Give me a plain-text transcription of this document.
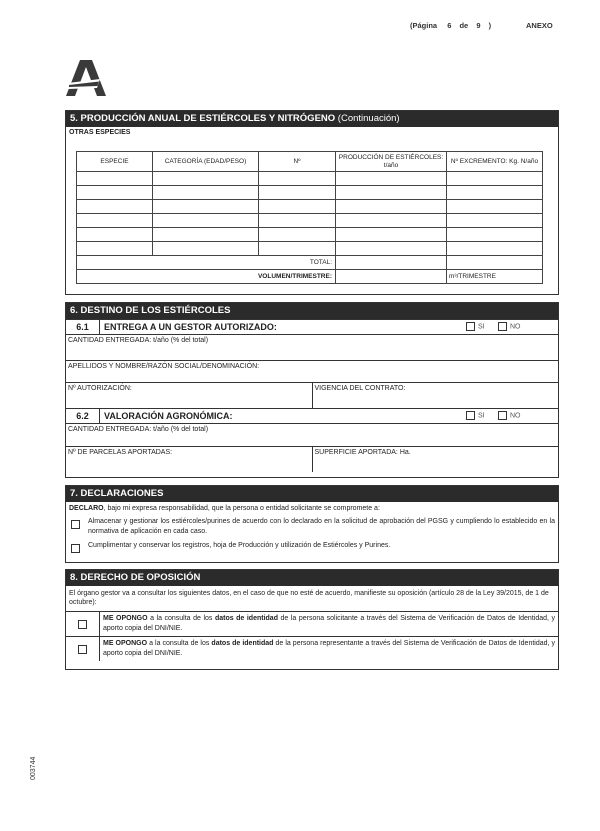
(Página 6 de 9 )	ANEXO
5. PRODUCCIÓN ANUAL DE ESTIÉRCOLES Y NITRÓGENO (Continuación)
OTRAS ESPECIES
ESPECIE	CATEGORÍA (EDAD/PESO)	Nº	PRODUCCIÓN DE ESTIÉRCOLES: t/año	Nº EXCREMENTO: Kg. N/año

TOTAL:				
VOLUMEN/TRIMESTRE:				m³/TRIMESTRE
6. DESTINO DE LOS ESTIÉRCOLES
6.1	ENTREGA A UN GESTOR AUTORIZADO:	SI	NO
CANTIDAD ENTREGADA: t/año (% del total)
APELLIDOS Y NOMBRE/RAZÓN SOCIAL/DENOMINACIÓN:
Nº AUTORIZACIÓN:	VIGENCIA DEL CONTRATO:
6.2	VALORACIÓN AGRONÓMICA:	SI	NO
CANTIDAD ENTREGADA: t/año (% del total)
Nº DE PARCELAS APORTADAS:	SUPERFICIE APORTADA: Ha.
7. DECLARACIONES
DECLARO, bajo mi expresa responsabilidad, que la persona o entidad solicitante se compromete a:
Almacenar y gestionar los estiércoles/purines de acuerdo con lo declarado en la solicitud de aprobación del PGSG y cumpliendo lo establecido en la normativa de aplicación en cada caso.
Cumplimentar y conservar los registros, hoja de Producción y utilización de Estiércoles y Purines.
8. DERECHO DE OPOSICIÓN
El órgano gestor va a consultar los siguientes datos, en el caso de que no esté de acuerdo, manifieste su oposición (artículo 28 de la Ley 39/2015, de 1 de octubre):
ME OPONGO a la consulta de los datos de identidad de la persona solicitante a través del Sistema de Verificación de Datos de Identidad, y aporto copia del DNI/NIE.
ME OPONGO a la consulta de los datos de identidad de la persona representante a través del Sistema de Verificación de Datos de Identidad, y aporto copia del DNI/NIE.
003744
